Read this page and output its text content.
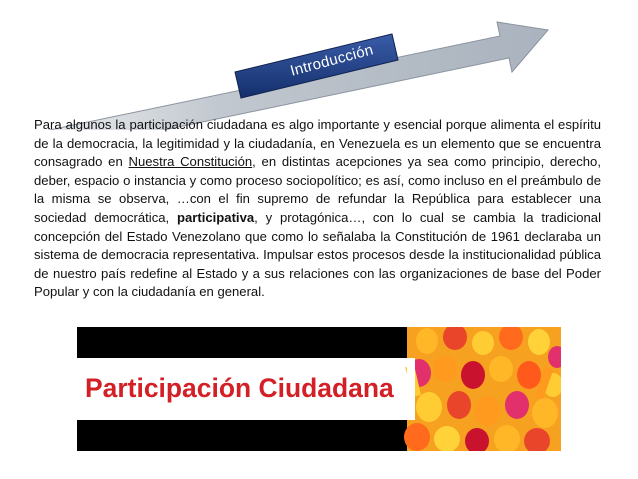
Introducción

Para algunos la participación ciudadana es algo importante y esencial porque alimenta el espíritu de la democracia, la legitimidad y la ciudadanía, en Venezuela es un elemento que se encuentra consagrado en Nuestra Constitución, en distintas acepciones ya sea como principio, derecho, deber, espacio o instancia y como proceso sociopolítico; es así, como incluso en el preámbulo de la misma se observa, …con el fin supremo de refundar la República para establecer una sociedad democrática, participativa, y protagónica…, con lo cual se cambia la tradicional concepción del Estado Venezolano que como lo señalaba la Constitución de 1961 declaraba un sistema de democracia representativa. Impulsar estos procesos desde la institucionalidad pública de nuestro país redefine al Estado y a sus relaciones con las organizaciones de base del Poder Popular y con la ciudadanía en general.

Participación Ciudadana
